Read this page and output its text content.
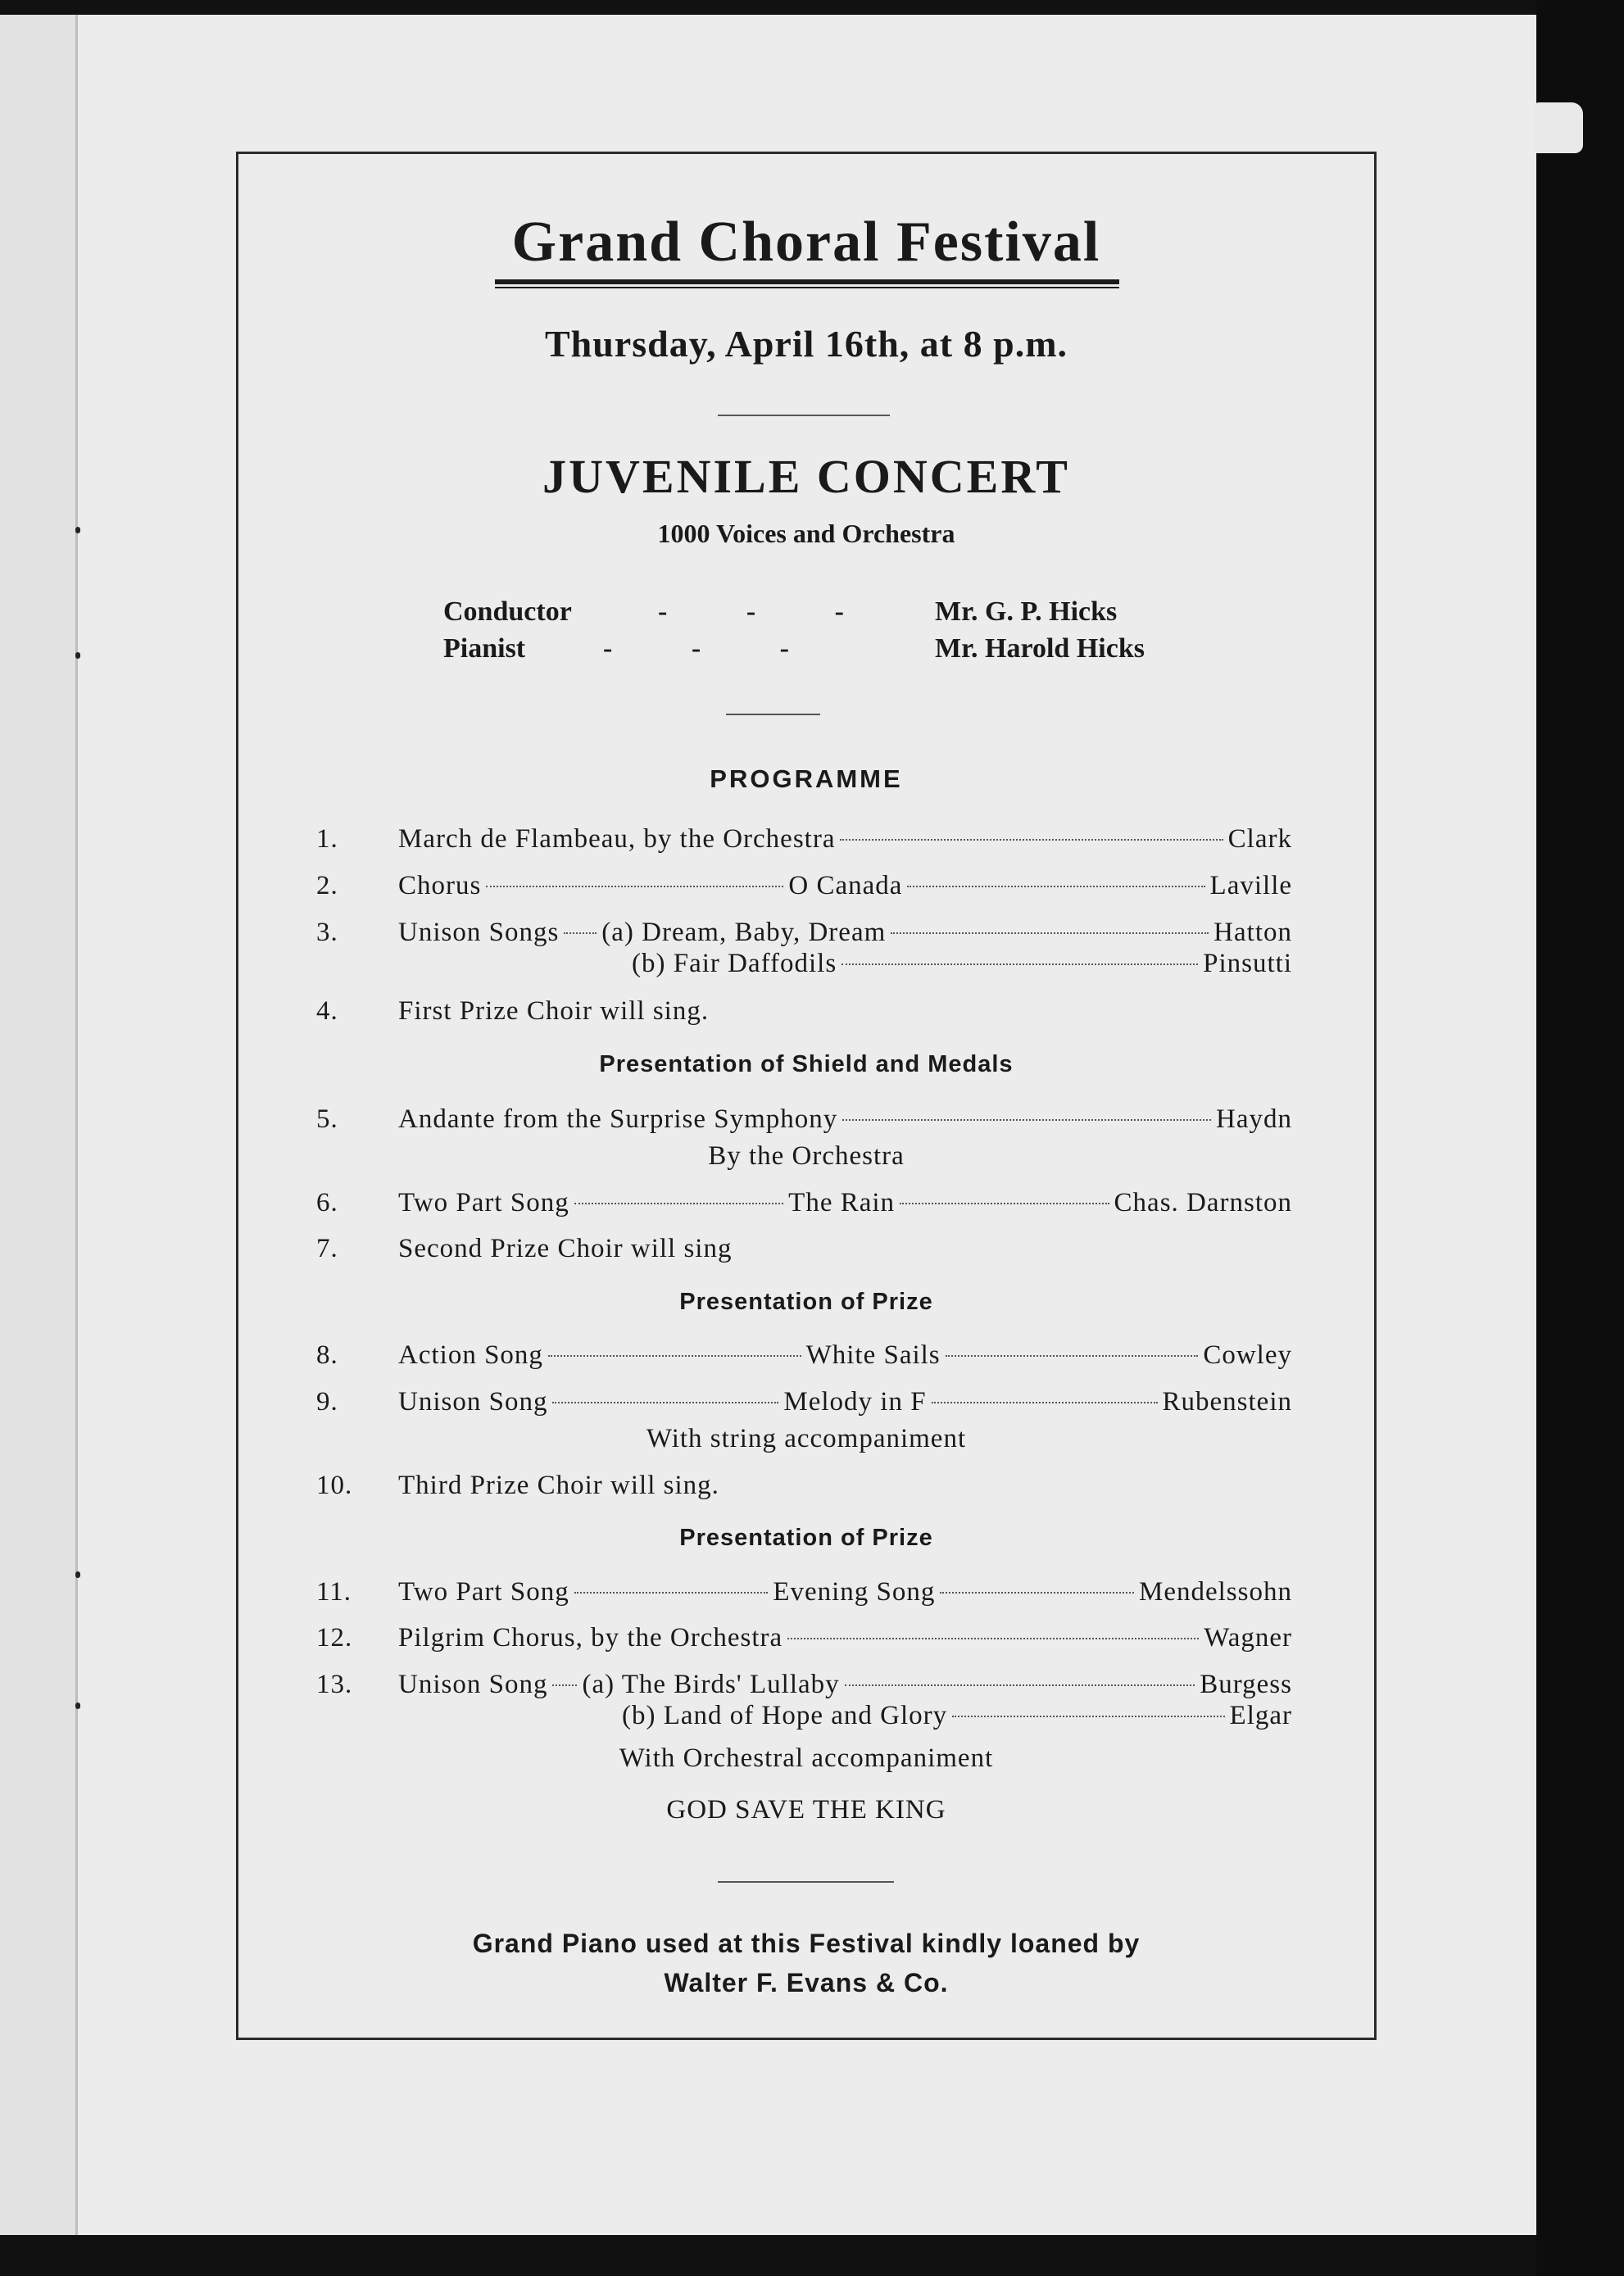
Grand Choral Festival
Thursday, April 16th, at 8 p.m.
JUVENILE CONCERT
1000 Voices and Orchestra
Conductor	- - - Mr. G. P. Hicks
Pianist	- - -	Mr. Harold Hicks
PROGRAMME
1.	March de Flambeau, by the Orchestra	Clark
2.	Chorus	O Canada	Laville
3.	Unison Songs (a) Dream, Baby, Dream	Hatton
(b) Fair Daffodils	Pinsutti
4.	First Prize Choir will sing.
Presentation of Shield and Medals
5.	Andante from the Surprise Symphony	Haydn
By the Orchestra
6.	Two Part Song	The Rain	Chas. Darnston
7.	Second Prize Choir will sing
Presentation of Prize
8.	Action Song	White Sails	Cowley
9.	Unison Song	Melody in F	Rubenstein
With string accompaniment
10.	Third Prize Choir will sing.
Presentation of Prize
11.	Two Part Song	Evening Song	Mendelssohn
12.	Pilgrim Chorus, by the Orchestra	Wagner
13.	Unison Song (a) The Birds' Lullaby	Burgess
(b) Land of Hope and Glory	Elgar
With Orchestral accompaniment
GOD SAVE THE KING
Grand Piano used at this Festival kindly loaned by
Walter F. Evans & Co.
